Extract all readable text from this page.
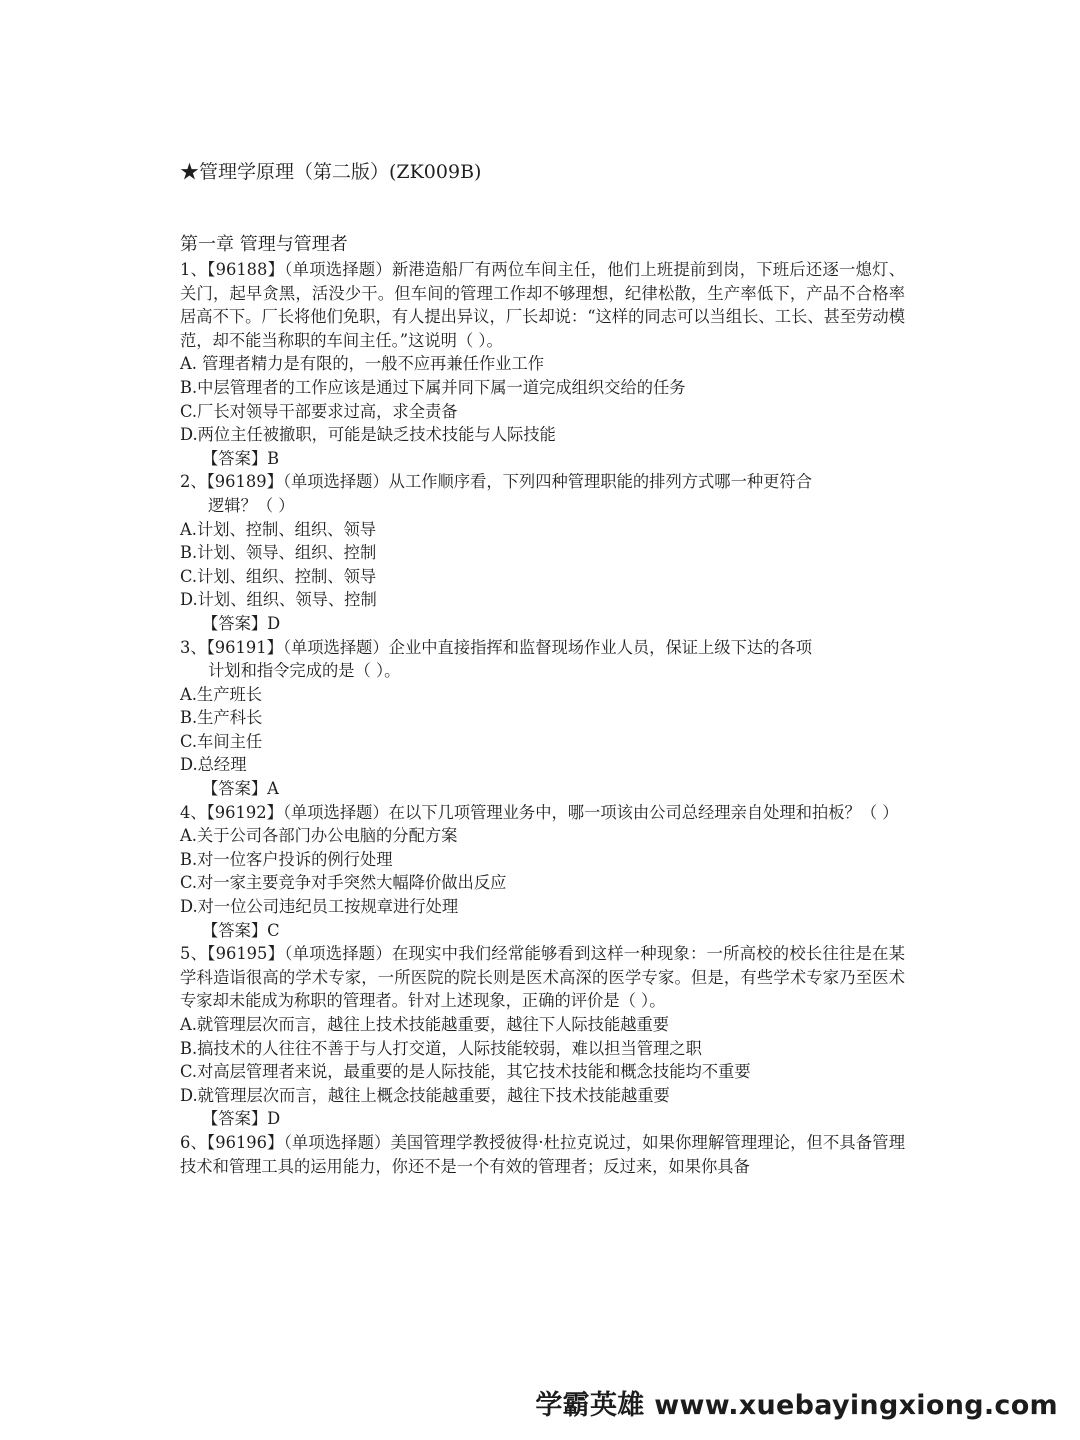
★管理学原理（第二版）(ZK009B)
第一章 管理与管理者
1、【96188】（单项选择题）新港造船厂有两位车间主任，他们上班提前到岗，下班后还逐一熄灯、关门，起早贪黑，活没少干。但车间的管理工作却不够理想，纪律松散，生产率低下，产品不合格率居高不下。厂长将他们免职，有人提出异议，厂长却说：“这样的同志可以当组长、工长、甚至劳动模范，却不能当称职的车间主任。”这说明（ ）。
A. 管理者精力是有限的，一般不应再兼任作业工作
B.中层管理者的工作应该是通过下属并同下属一道完成组织交给的任务
C.厂长对领导干部要求过高，求全责备
D.两位主任被撤职，可能是缺乏技术技能与人际技能
【答案】B
2、【96189】（单项选择题）从工作顺序看，下列四种管理职能的排列方式哪一种更符合
逻辑？（ ）
A.计划、控制、组织、领导
B.计划、领导、组织、控制
C.计划、组织、控制、领导
D.计划、组织、领导、控制
【答案】D
3、【96191】（单项选择题）企业中直接指挥和监督现场作业人员，保证上级下达的各项
计划和指令完成的是（ ）。
A.生产班长
B.生产科长
C.车间主任
D.总经理
【答案】A
4、【96192】（单项选择题）在以下几项管理业务中，哪一项该由公司总经理亲自处理和拍板？（ ）
A.关于公司各部门办公电脑的分配方案
B.对一位客户投诉的例行处理
C.对一家主要竞争对手突然大幅降价做出反应
D.对一位公司违纪员工按规章进行处理
【答案】C
5、【96195】（单项选择题）在现实中我们经常能够看到这样一种现象：一所高校的校长往往是在某学科造诣很高的学术专家，一所医院的院长则是医术高深的医学专家。但是，有些学术专家乃至医术专家却未能成为称职的管理者。针对上述现象，正确的评价是（ ）。
A.就管理层次而言，越往上技术技能越重要，越往下人际技能越重要
B.搞技术的人往往不善于与人打交道，人际技能较弱，难以担当管理之职
C.对高层管理者来说，最重要的是人际技能，其它技术技能和概念技能均不重要
D.就管理层次而言，越往上概念技能越重要，越往下技术技能越重要
【答案】D
6、【96196】（单项选择题）美国管理学教授彼得·杜拉克说过，如果你理解管理理论，但不具备管理技术和管理工具的运用能力，你还不是一个有效的管理者；反过来，如果你具备
学霸英雄 www.xuebayingxiong.com
